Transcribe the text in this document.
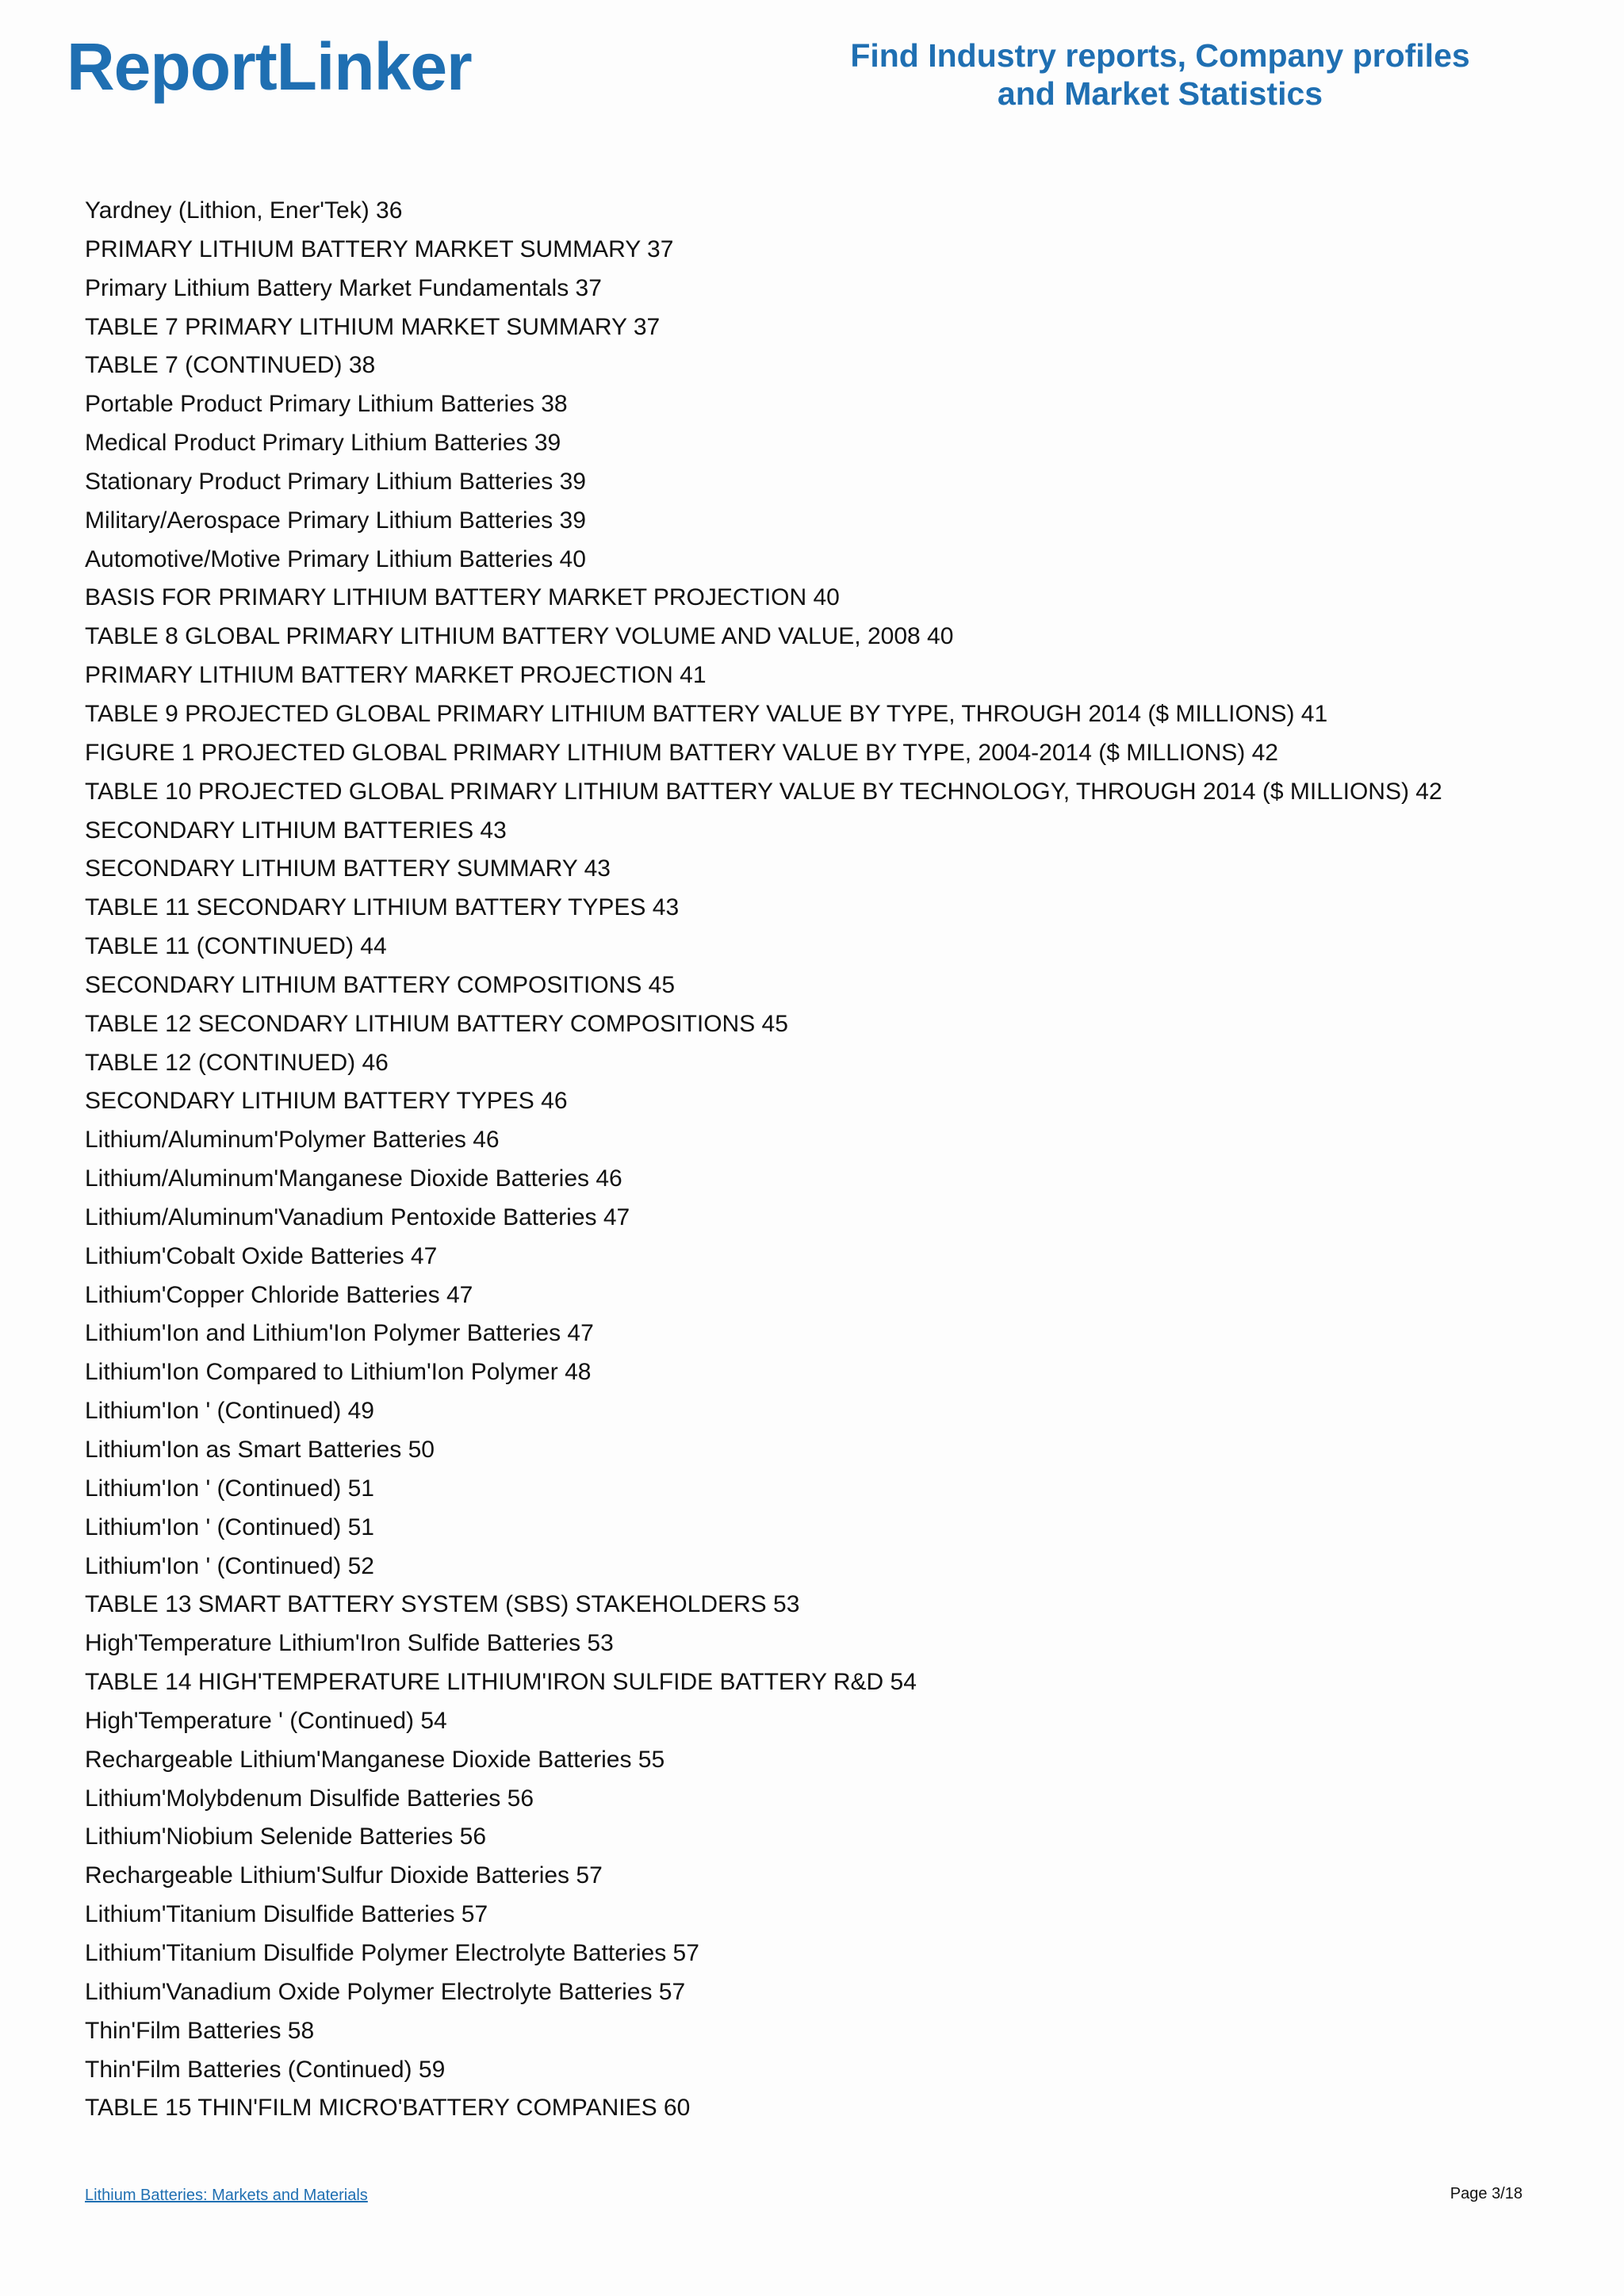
ReportLinker	Find Industry reports, Company profiles
and Market Statistics
Yardney (Lithion, Ener'Tek) 36
PRIMARY LITHIUM BATTERY MARKET SUMMARY 37
Primary Lithium Battery Market Fundamentals 37
TABLE 7 PRIMARY LITHIUM MARKET SUMMARY 37
TABLE 7 (CONTINUED) 38
Portable Product Primary Lithium Batteries 38
Medical Product Primary Lithium Batteries 39
Stationary Product Primary Lithium Batteries 39
Military/Aerospace Primary Lithium Batteries 39
Automotive/Motive Primary Lithium Batteries 40
BASIS FOR PRIMARY LITHIUM BATTERY MARKET PROJECTION 40
TABLE 8 GLOBAL PRIMARY LITHIUM BATTERY VOLUME AND VALUE, 2008 40
PRIMARY LITHIUM BATTERY MARKET PROJECTION 41
TABLE 9 PROJECTED GLOBAL PRIMARY LITHIUM BATTERY VALUE BY TYPE, THROUGH 2014 ($ MILLIONS) 41
FIGURE 1 PROJECTED GLOBAL PRIMARY LITHIUM BATTERY VALUE BY TYPE, 2004-2014 ($ MILLIONS) 42
TABLE 10 PROJECTED GLOBAL PRIMARY LITHIUM BATTERY VALUE BY TECHNOLOGY, THROUGH 2014 ($ MILLIONS) 42
SECONDARY LITHIUM BATTERIES 43
SECONDARY LITHIUM BATTERY SUMMARY 43
TABLE 11 SECONDARY LITHIUM BATTERY TYPES 43
TABLE 11 (CONTINUED) 44
SECONDARY LITHIUM BATTERY COMPOSITIONS 45
TABLE 12 SECONDARY LITHIUM BATTERY COMPOSITIONS 45
TABLE 12 (CONTINUED) 46
SECONDARY LITHIUM BATTERY TYPES 46
Lithium/Aluminum'Polymer Batteries 46
Lithium/Aluminum'Manganese Dioxide Batteries 46
Lithium/Aluminum'Vanadium Pentoxide Batteries 47
Lithium'Cobalt Oxide Batteries 47
Lithium'Copper Chloride Batteries 47
Lithium'Ion and Lithium'Ion Polymer Batteries 47
Lithium'Ion Compared to Lithium'Ion Polymer 48
Lithium'Ion ' (Continued) 49
Lithium'Ion as Smart Batteries 50
Lithium'Ion ' (Continued) 51
Lithium'Ion ' (Continued) 51
Lithium'Ion ' (Continued) 52
TABLE 13 SMART BATTERY SYSTEM (SBS) STAKEHOLDERS 53
High'Temperature Lithium'Iron Sulfide Batteries 53
TABLE 14 HIGH'TEMPERATURE LITHIUM'IRON SULFIDE BATTERY R&D 54
High'Temperature ' (Continued) 54
Rechargeable Lithium'Manganese Dioxide Batteries 55
Lithium'Molybdenum Disulfide Batteries 56
Lithium'Niobium Selenide Batteries 56
Rechargeable Lithium'Sulfur Dioxide Batteries 57
Lithium'Titanium Disulfide Batteries 57
Lithium'Titanium Disulfide Polymer Electrolyte Batteries 57
Lithium'Vanadium Oxide Polymer Electrolyte Batteries 57
Thin'Film Batteries 58
Thin'Film Batteries (Continued) 59
TABLE 15 THIN'FILM MICRO'BATTERY COMPANIES 60
Lithium Batteries: Markets and Materials	Page 3/18
